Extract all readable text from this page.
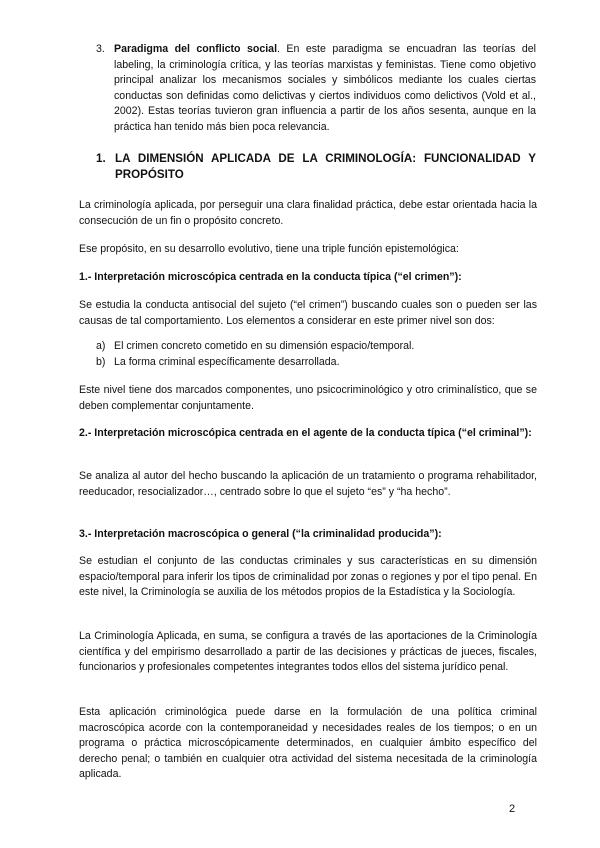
3. Paradigma del conflicto social. En este paradigma se encuadran las teorías del labeling, la criminología crítica, y las teorías marxistas y feministas. Tiene como objetivo principal analizar los mecanismos sociales y simbólicos mediante los cuales ciertas conductas son definidas como delictivas y ciertos individuos como delictivos (Vold et al., 2002). Estas teorías tuvieron gran influencia a partir de los años sesenta, aunque en la práctica han tenido más bien poca relevancia.
1. LA DIMENSIÓN APLICADA DE LA CRIMINOLOGÍA: FUNCIONALIDAD Y PROPÓSITO

La criminología aplicada, por perseguir una clara finalidad práctica, debe estar orientada hacia la consecución de un fin o propósito concreto.

Ese propósito, en su desarrollo evolutivo, tiene una triple función epistemológica:

1.- Interpretación microscópica centrada en la conducta típica (“el crimen”):

Se estudia la conducta antisocial del sujeto (“el crimen”) buscando cuales son o pueden ser las causas de tal comportamiento. Los elementos a considerar en este primer nivel son dos:

a) El crimen concreto cometido en su dimensión espacio/temporal.
b) La forma criminal específicamente desarrollada.

Este nivel tiene dos marcados componentes, uno psicocriminológico y otro criminalístico, que se deben complementar conjuntamente.

2.- Interpretación microscópica centrada en el agente de la conducta típica (“el criminal”):

Se analiza al autor del hecho buscando la aplicación de un tratamiento o programa rehabilitador, reeducador, resocializador…, centrado sobre lo que el sujeto “es” y “ha hecho”.

3.- Interpretación macroscópica o general (“la criminalidad producida”):

Se estudian el conjunto de las conductas criminales y sus características en su dimensión espacio/temporal para inferir los tipos de criminalidad por zonas o regiones y por el tipo penal. En este nivel, la Criminología se auxilia de los métodos propios de la Estadística y la Sociología.

La Criminología Aplicada, en suma, se configura a través de las aportaciones de la Criminología científica y del empirismo desarrollado a partir de las decisiones y prácticas de jueces, fiscales, funcionarios y profesionales competentes integrantes todos ellos del sistema jurídico penal.

Esta aplicación criminológica puede darse en la formulación de una política criminal macroscópica acorde con la contemporaneidad y necesidades reales de los tiempos; o en un programa o práctica microscópicamente determinados, en cualquier ámbito específico del derecho penal; o también en cualquier otra actividad del sistema necesitada de la criminología aplicada.

2
